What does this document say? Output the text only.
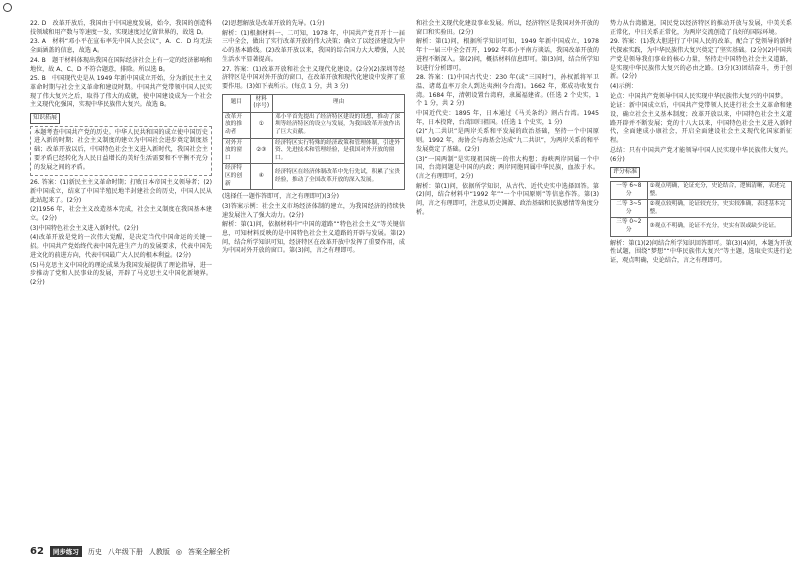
22. D　改革开放后，我国由于中国速度发展，始今，我国的创造科技领域和用产数与等速度一发，实现速度过亿留世界的，故选 D。

23. A　材料“邓小平在宣布率先中国人民会议”，A．C．D 均无法全面涵盖的信息，故选 A。

24. B　题干材料体现出我国在国际经济社会上有一定的经济影响和地位，故 A、C、D 不符合题意，排除。所以选 B。

25. B　中国现代史是从 1949 年新中国成立开始，分为新民主主义革命时期与社会主义革命和建设时期。中国共产党带领中国人民实现了伟大复兴之后，取得了伟大的成就，使中国建设成为一个社会主义现代化强国，实现中华民族伟大复兴。故选 B。

知识拓展

本题考查中国共产党的历史。中华人民共和国的成立使中国历史进入新的时期；社会主义制度的建立为中国社会进步奠定制度基础；改革开放以后，中国特色社会主义进入新时代，我国社会主要矛盾已经转化为人民日益增长的美好生活需要和不平衡不充分的发展之间的矛盾。

26. 答案：(1)新民主主义革命时期；打败日本帝国主义领导者；(2)新中国成立，结束了中国半殖民地半封建社会的历史，中国人民从此站起来了。(2分)

(2)1956 年，社会主义改造基本完成，社会主义制度在我国基本建立。(2分)

(3)中国特色社会主义进入新时代。(2分)

(4)改革开放是党的一次伟大觉醒，是决定当代中国命运的关键一招。中国共产党始终代表中国先进生产力的发展要求，代表中国先进文化的前进方向，代表中国最广大人民的根本利益。(2分)

(5)马克思主义中国化的理论成果为我国发展提供了理论指导，进一步推动了党和人民事业的发展，开辟了马克思主义中国化新境界。(2分)

(2)思想解放是改革开放的先导。(1分)

解析：(1)根据材料一、二可知，1978 年，中国共产党召开十一届三中全会，做出了实行改革开放的伟大决策；确立了以经济建设为中心的基本路线。(2)改革开放以来，我国的综合国力大大增强，人民生活水平显著提高。

27. 答案：(1)改革开放和社会主义现代化建设。(2分)(2)深圳等经济特区是中国对外开放的窗口，在改革开放和现代化建设中发挥了重要作用。(3)如下表所示。(每点 1 分，共 3 分)

题目	材料(序号)	理由
改革开放的推动者	①	邓小平首先提出了经济特区建设的设想，推动了深圳等经济特区的设立与发展，为我国改革开放作出了巨大贡献。
对外开放的窗口	②③	经济特区实行特殊的经济政策和管理体制，引进外资、先进技术和管理经验，是我国对外开放的窗口。
经济特区的创新	④	经济特区在经济体制改革中先行先试，积累了宝贵经验，推动了全国改革开放的深入发展。

(选择任一题作答即可，言之有理即可)(3分)

(3)答案示例：社会主义市场经济体制的建立，为我国经济的持续快速发展注入了强大动力。(2分)

解析：第(1)问，依据材料中“中国的道路”“特色社会主义”等关键信息，可知材料反映的是中国特色社会主义道路的开辟与发展。第(2)问，结合所学知识可知，经济特区在改革开放中发挥了重要作用，成为中国对外开放的窗口。第(3)问，言之有理即可。

和社会主义现代化建设事业发展。所以，经济特区是我国对外开放的窗口和实验田。(2分)

解析：第(1)问，根据所学知识可知，1949 年新中国成立，1978 年十一届三中全会召开，1992 年邓小平南方谈话，我国改革开放的进程不断深入。第(2)问，概括材料信息即可。第(3)问，结合所学知识进行分析即可。

28. 答案：(1)中国古代史：230 年(或“三国时”)，孙权派将军卫温、诸葛直率万余人到达夷洲(今台湾)。1662 年，郑成功收复台湾。1684 年，清朝设置台湾府，隶属福建省。(任选 2 个史实，1 个 1 分，共 2 分)

中国近代史：1895 年，日本通过《马关条约》割占台湾。1945 年，日本投降，台湾回归祖国。(任选 1 个史实，1 分)

(2)“九二共识”是两岸关系和平发展的政治基础，坚持一个中国原则。1992 年，海协会与海基会达成“九二共识”，为两岸关系的和平发展奠定了基础。(2分)

(3)“一国两制”是实现祖国统一的伟大构想；海峡两岸同属一个中国，台湾问题是中国的内政；两岸同胞同属中华民族，血浓于水。(言之有理即可，2分)

解析：第(1)问，依据所学知识，从古代、近代史实中选择回答。第(2)问，结合材料中“1992 年”“一个中国原则”等信息作答。第(3)问，言之有理即可，注意从历史渊源、政治基础和民族感情等角度分析。

势力从台湾撤退，国民党以经济特区的推动开放与发展，中美关系正常化，中日关系正常化，为两岸交流创造了良好的国际环境。

29. 答案：(1)我大胆进行了中国人民的改革，配合了党领导的新时代探索实践，为中华民族伟大复兴奠定了坚实基础。(2分)(2)中国共产党是领导我们事业的核心力量，坚持走中国特色社会主义道路，是实现中华民族伟大复兴的必由之路。(3分)(3)团结奋斗，勇于创新。(2分)

(4)示例：

论点：中国共产党领导中国人民实现中华民族伟大复兴的中国梦。

论证：新中国成立后，中国共产党带领人民进行社会主义革命和建设，确立社会主义基本制度；改革开放以来，中国特色社会主义道路开辟并不断发展；党的十八大以来，中国特色社会主义进入新时代，全面建成小康社会，开启全面建设社会主义现代化国家新征程。

总结：只有中国共产党才能领导中国人民实现中华民族伟大复兴。(6分)

评分标准
一等 6~8 分	①观点明确，论证充分，史论结合，逻辑清晰，表述完整。
二等 3~5 分	②观点较明确，论证较充分，史实较准确，表述基本完整。
三等 0~2 分	③观点不明确，论证不充分，史实有误或缺少论证。

解析：第(1)(2)问结合所学知识回答即可。第(3)(4)问，本题为开放性试题，围绕“梦想”“中华民族伟大复兴”等主题，选取史实进行论证，观点明确，史论结合，言之有理即可。

62	同步练习	历史 八年级下册 人教版 ◎ 答案全解全析
